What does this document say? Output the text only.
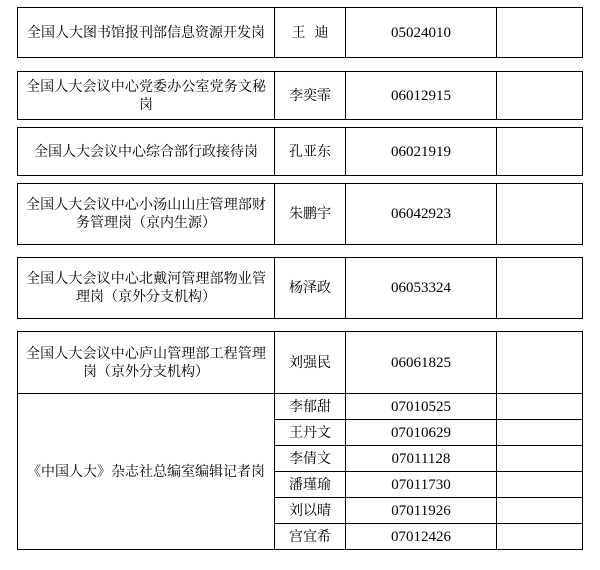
全国人大图书馆报刊部信息资源开发岗	王  迪	05024010	
全国人大会议中心党委办公室党务文秘岗	李奕霏	06012915	
全国人大会议中心综合部行政接待岗	孔亚东	06021919	
全国人大会议中心小汤山山庄管理部财务管理岗（京内生源）	朱鹏宇	06042923	
全国人大会议中心北戴河管理部物业管理岗（京外分支机构）	杨泽政	06053324	
全国人大会议中心庐山管理部工程管理岗（京外分支机构）	刘强民	06061825	
《中国人大》杂志社总编室编辑记者岗	李郁甜	07010525	
	王丹文	07010629	
	李倩文	07011128	
	潘瑾瑜	07011730	
	刘以晴	07011926	
	宫宜希	07012426	
